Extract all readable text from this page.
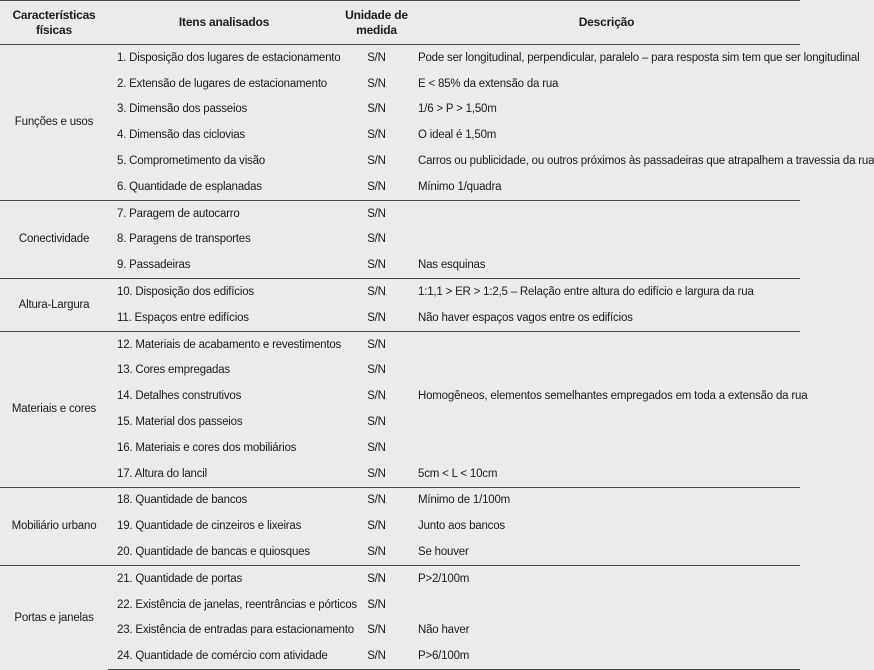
Características físicas	Itens analisados	Unidade de medida	Descrição
Funções e usos	1. Disposição dos lugares de estacionamento	S/N	Pode ser longitudinal, perpendicular, paralelo – para resposta sim tem que ser longitudinal
	2. Extensão de lugares de estacionamento	S/N	E < 85% da extensão da rua
	3. Dimensão dos passeios	S/N	1/6 > P > 1,50m
	4. Dimensão das ciclovias	S/N	O ideal é 1,50m
	5. Comprometimento da visão	S/N	Carros ou publicidade, ou outros próximos às passadeiras que atrapalhem a travessia da rua
	6. Quantidade de esplanadas	S/N	Mínimo 1/quadra
Conectividade	7. Paragem de autocarro	S/N	
	8. Paragens de transportes	S/N	
	9. Passadeiras	S/N	Nas esquinas
Altura-Largura	10. Disposição dos edifícios	S/N	1:1,1 > ER > 1:2,5 – Relação entre altura do edifício e largura da rua
	11. Espaços entre edifícios	S/N	Não haver espaços vagos entre os edifícios
Materiais e cores	12. Materiais de acabamento e revestimentos	S/N	
	13. Cores empregadas	S/N	
	14. Detalhes construtivos	S/N	Homogêneos, elementos semelhantes empregados em toda a extensão da rua
	15. Material dos passeios	S/N	
	16. Materiais e cores dos mobiliários	S/N	
	17. Altura do lancil	S/N	5cm < L < 10cm
Mobiliário urbano	18. Quantidade de bancos	S/N	Mínimo de 1/100m
	19. Quantidade de cinzeiros e lixeiras	S/N	Junto aos bancos
	20. Quantidade de bancas e quiosques	S/N	Se houver
Portas e janelas	21. Quantidade de portas	S/N	P>2/100m
	22. Existência de janelas, reentrâncias e pórticos	S/N	
	23. Existência de entradas para estacionamento	S/N	Não haver
	24. Quantidade de comércio com atividade	S/N	P>6/100m
